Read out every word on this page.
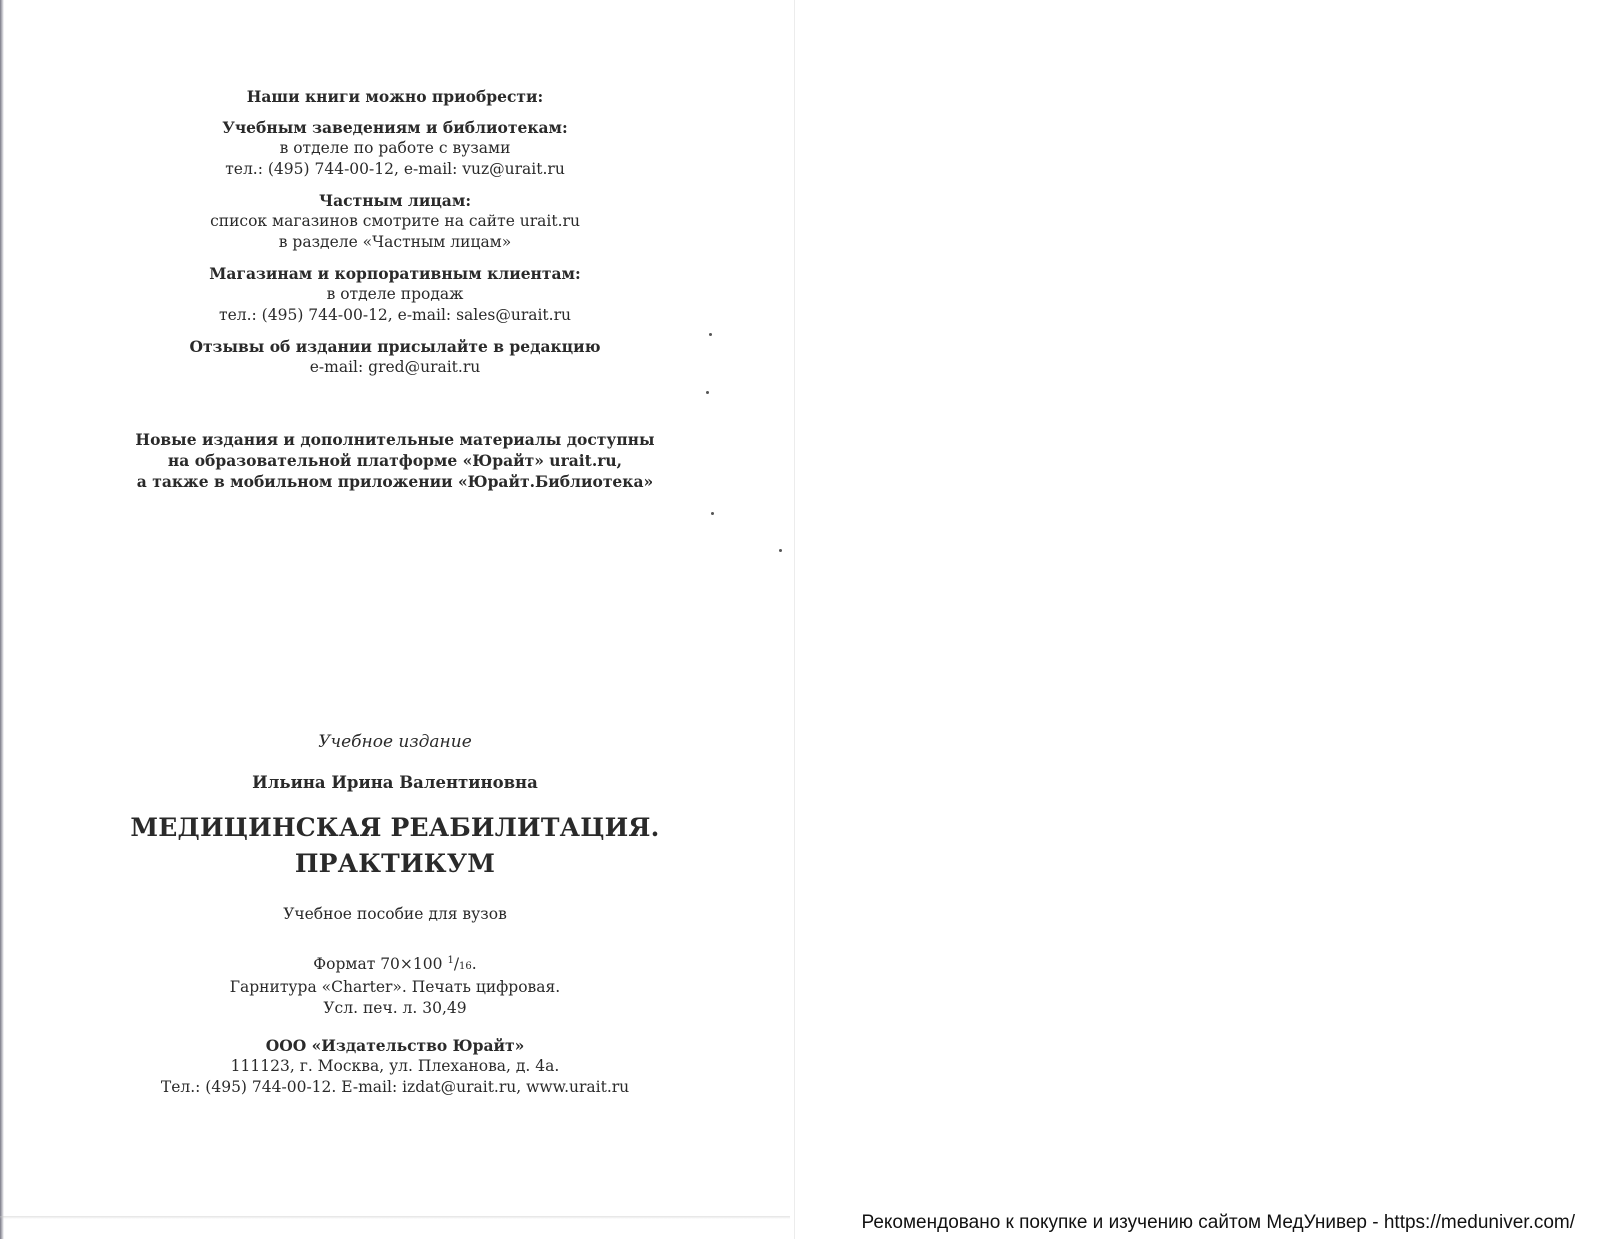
Наши книги можно приобрести:
Учебным заведениям и библиотекам:
в отделе по работе с вузами
тел.: (495) 744-00-12, e-mail: vuz@urait.ru
Частным лицам:
список магазинов смотрите на сайте urait.ru
в разделе «Частным лицам»
Магазинам и корпоративным клиентам:
в отделе продаж
тел.: (495) 744-00-12, e-mail: sales@urait.ru
Отзывы об издании присылайте в редакцию
e-mail: gred@urait.ru
Новые издания и дополнительные материалы доступны
на образовательной платформе «Юрайт» urait.ru,
а также в мобильном приложении «Юрайт.Библиотека»
Учебное издание
Ильина Ирина Валентиновна
МЕДИЦИНСКАЯ РЕАБИЛИТАЦИЯ.
ПРАКТИКУМ
Учебное пособие для вузов
Формат 70×100 $^1$/16.
Гарнитура «Charter». Печать цифровая.
Усл. печ. л. 30,49
ООО «Издательство Юрайт»
111123, г. Москва, ул. Плеханова, д. 4а.
Тел.: (495) 744-00-12. E-mail: izdat@urait.ru, www.urait.ru
Рекомендовано к покупке и изучению сайтом МедУнивер - https://meduniver.com/
